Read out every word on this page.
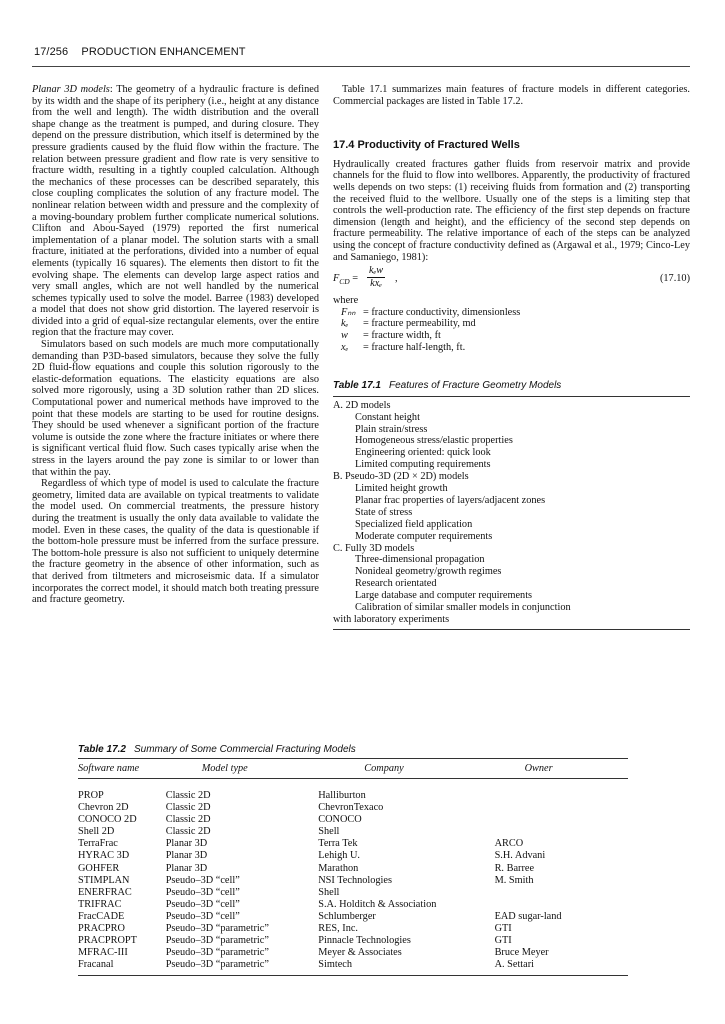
17/256 PRODUCTION ENHANCEMENT

Planar 3D models: The geometry of a hydraulic fracture is defined by its width and the shape of its periphery (i.e., height at any distance from the well and length). The width distribution and the overall shape change as the treatment is pumped, and during closure. They depend on the pressure distribution, which itself is determined by the pressure gradients caused by the fluid flow within the fracture. The relation between pressure gradient and flow rate is very sensitive to fracture width, resulting in a tightly coupled calculation. Although the mechanics of these processes can be described separately, this close coupling complicates the solution of any fracture model. The nonlinear relation between width and pressure and the complexity of a moving-boundary problem further complicate numerical solutions. Clifton and Abou-Sayed (1979) reported the first numerical implementation of a planar model. The solution starts with a small fracture, initiated at the perforations, divided into a number of equal elements (typically 16 squares). The elements then distort to fit the evolving shape. The elements can develop large aspect ratios and very small angles, which are not well handled by the numerical schemes typically used to solve the model. Barree (1983) developed a model that does not show grid distortion. The layered reservoir is divided into a grid of equal-size rectangular elements, over the entire region that the fracture may cover.

Simulators based on such models are much more computationally demanding than P3D-based simulators, because they solve the fully 2D fluid-flow equations and couple this solution rigorously to the elastic-deformation equations. The elasticity equations are also solved more rigorously, using a 3D solution rather than 2D slices. Computational power and numerical methods have improved to the point that these models are starting to be used for routine designs. They should be used whenever a significant portion of the fracture volume is outside the zone where the fracture initiates or where there is significant vertical fluid flow. Such cases typically arise when the stress in the layers around the pay zone is similar to or lower than that within the pay.

Regardless of which type of model is used to calculate the fracture geometry, limited data are available on typical treatments to validate the model used. On commercial treatments, the pressure history during the treatment is usually the only data available to validate the model. Even in these cases, the quality of the data is questionable if the bottom-hole pressure must be inferred from the surface pressure. The bottom-hole pressure is also not sufficient to uniquely determine the fracture geometry in the absence of other information, such as that derived from tiltmeters and microseismic data. If a simulator incorporates the correct model, it should match both treating pressure and fracture geometry.

Table 17.1 summarizes main features of fracture models in different categories. Commercial packages are listed in Table 17.2.

17.4 Productivity of Fractured Wells

Hydraulically created fractures gather fluids from reservoir matrix and provide channels for the fluid to flow into wellbores. Apparently, the productivity of fractured wells depends on two steps: (1) receiving fluids from formation and (2) transporting the received fluid to the wellbore. Usually one of the steps is a limiting step that controls the well-production rate. The efficiency of the first step depends on fracture dimension (length and height), and the efficiency of the second step depends on fracture permeability. The relative importance of each of the steps can be analyzed using the concept of fracture conductivity defined as (Argawal et al., 1979; Cinco-Ley and Samaniego, 1981):

$F_{CD}$ =
kₑw
kxₑ	,	(17.10)
where
Fₙₙ = fracture conductivity, dimensionless
kₑ = fracture permeability, md
w = fracture width, ft
xₑ = fracture half-length, ft.
Table 17.1 Features of Fracture Geometry Models
A. 2D models
Constant height
Plain strain/stress
Homogeneous stress/elastic properties
Engineering oriented: quick look
Limited computing requirements
B. Pseudo-3D (2D × 2D) models
Limited height growth
Planar frac properties of layers/adjacent zones
State of stress
Specialized field application
Moderate computer requirements
C. Fully 3D models
Three-dimensional propagation
Nonideal geometry/growth regimes
Research orientated
Large database and computer requirements
Calibration of similar smaller models in conjunction
with laboratory experiments
Table 17.2 Summary of Some Commercial Fracturing Models
Software name	Model type	Company	Owner
PROP	Classic 2D	Halliburton	
Chevron 2D	Classic 2D	ChevronTexaco	
CONOCO 2D	Classic 2D	CONOCO	
Shell 2D	Classic 2D	Shell	
TerraFrac	Planar 3D	Terra Tek	ARCO
HYRAC 3D	Planar 3D	Lehigh U.	S.H. Advani
GOHFER	Planar 3D	Marathon	R. Barree
STIMPLAN	Pseudo–3D “cell”	NSI Technologies	M. Smith
ENERFRAC	Pseudo–3D “cell”	Shell	
TRIFRAC	Pseudo–3D “cell”	S.A. Holditch & Association	
FracCADE	Pseudo–3D “cell”	Schlumberger	EAD sugar-land
PRACPRO	Pseudo–3D “parametric”	RES, Inc.	GTI
PRACPROPT	Pseudo–3D “parametric”	Pinnacle Technologies	GTI
MFRAC-III	Pseudo–3D “parametric”	Meyer & Associates	Bruce Meyer
Fracanal	Pseudo–3D “parametric”	Simtech	A. Settari
